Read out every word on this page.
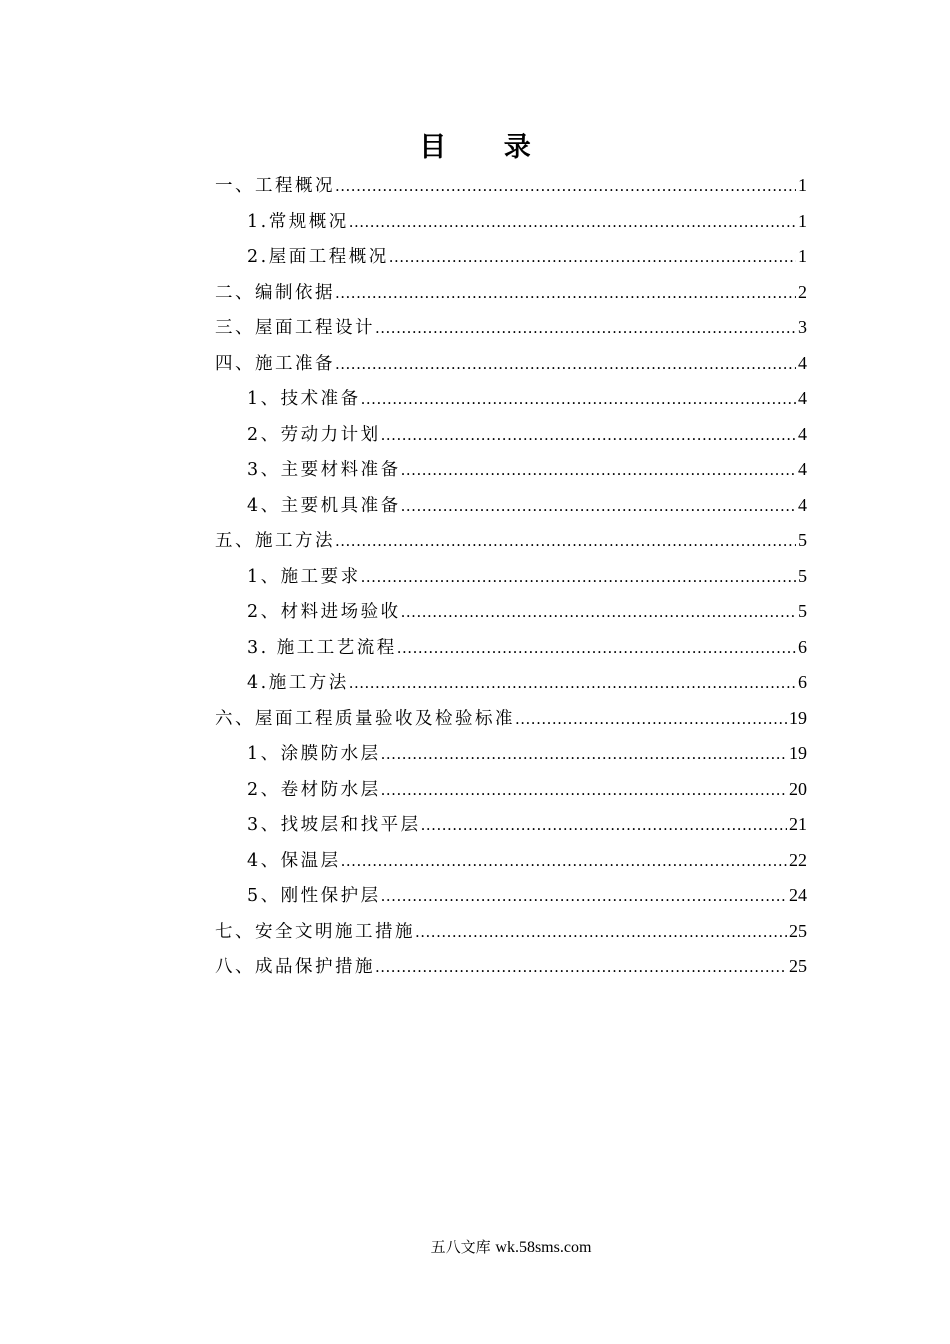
目 录
一、工程概况 .....	1
1.常规概况 .....	1
2.屋面工程概况 .....	1
二、编制依据 .....	2
三、屋面工程设计 .....	3
四、施工准备 .....	4
1、技术准备 .....	4
2、劳动力计划 .....	4
3、主要材料准备 .....	4
4、主要机具准备 .....	4
五、施工方法 .....	5
1、施工要求 .....	5
2、材料进场验收 .....	5
3. 施工工艺流程 .....	6
4.施工方法 .....	6
六、屋面工程质量验收及检验标准 .....	19
1、涂膜防水层 .....	19
2、卷材防水层 .....	20
3、找坡层和找平层 .....	21
4、保温层 .....	22
5、刚性保护层 .....	24
七、安全文明施工措施 .....	25
八、成品保护措施 .....	25
五八文库 wk.58sms.com
